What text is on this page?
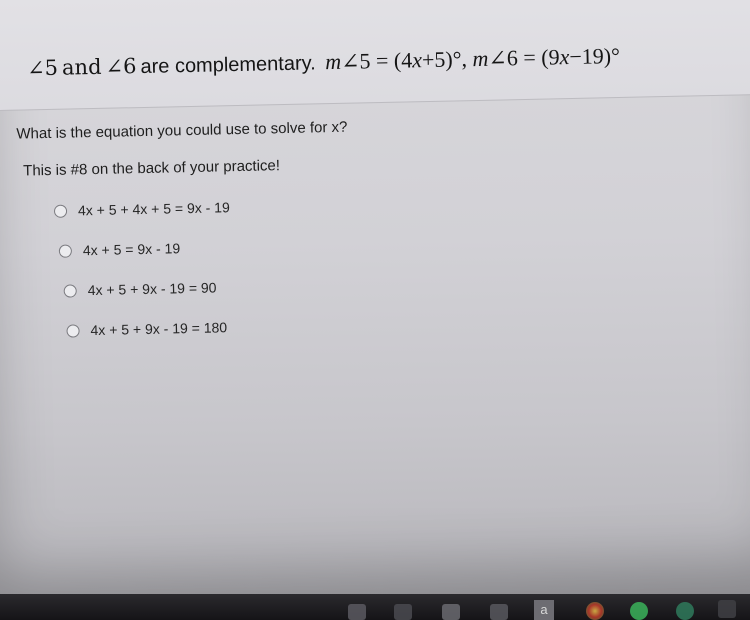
∠5 and ∠6 are complementary. m∠5 = (4x+5)°, m∠6 = (9x−19)°
What is the equation you could use to solve for x?
This is #8 on the back of your practice!
4x + 5 + 4x + 5 = 9x - 19
4x + 5 = 9x - 19
4x + 5 + 9x - 19 = 90
4x + 5 + 9x - 19 = 180
a
